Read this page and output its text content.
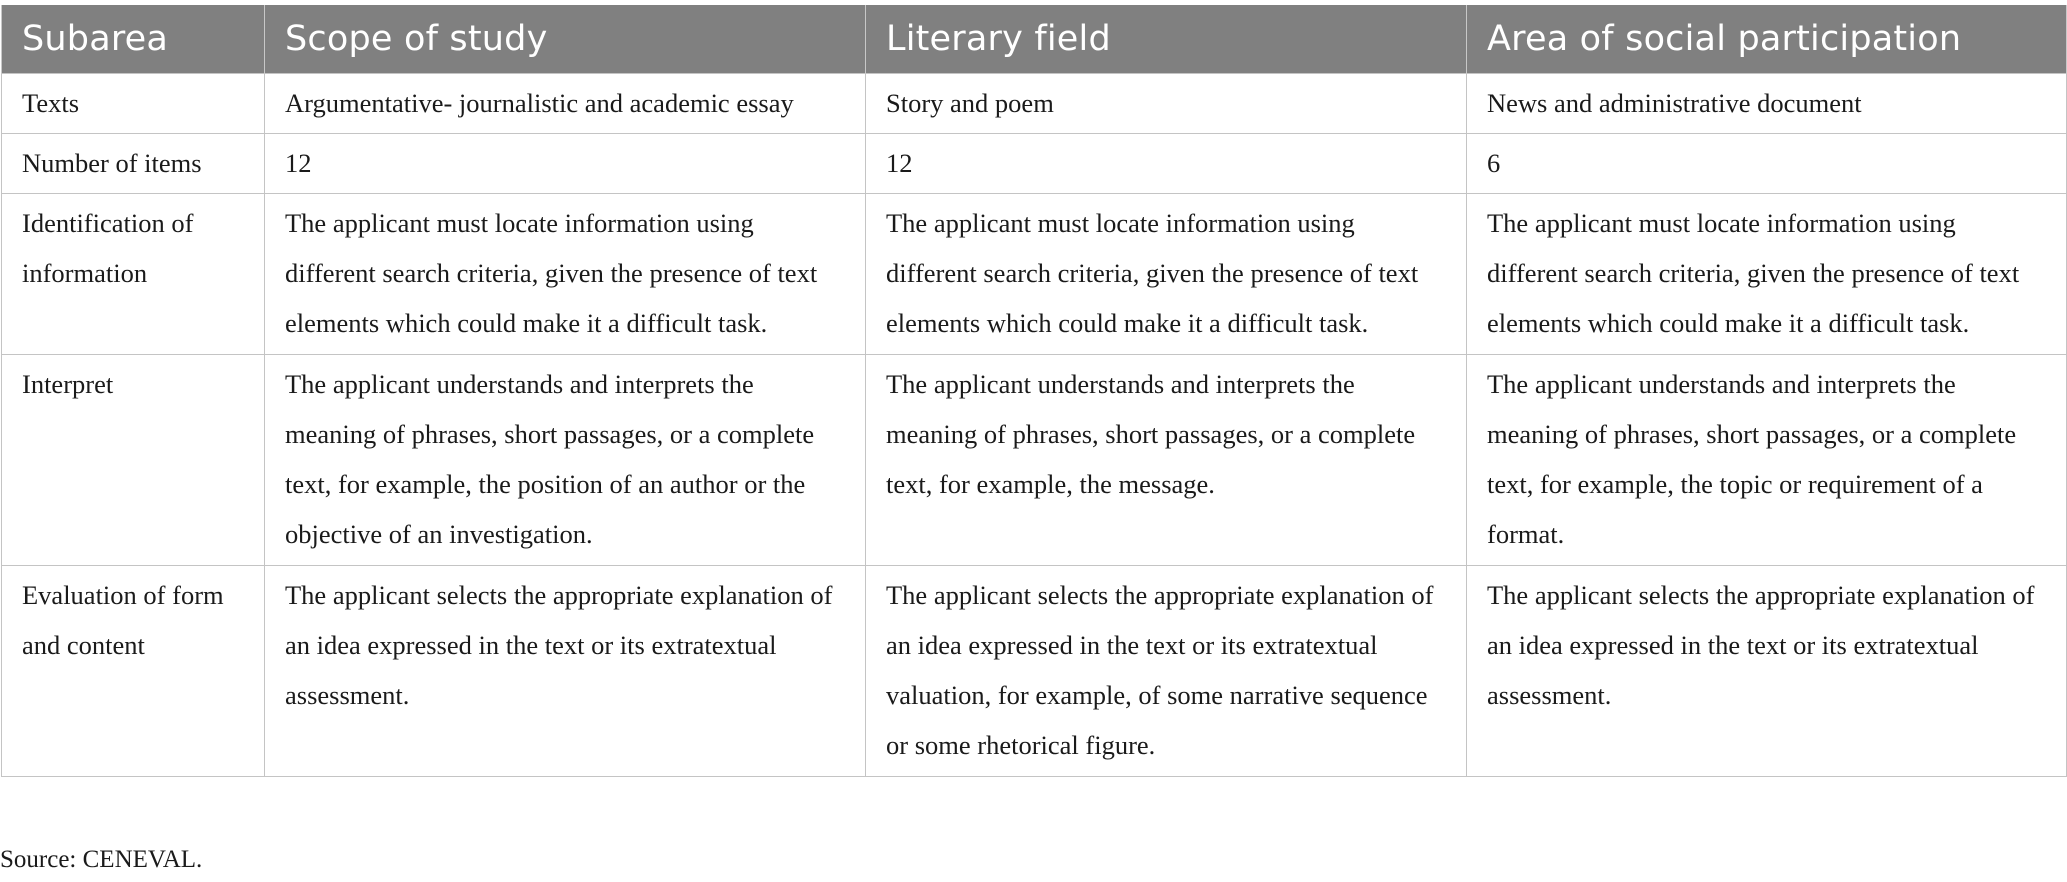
Subarea	Scope of study	Literary field	Area of social participation
Texts	Argumentative- journalistic and academic essay	Story and poem	News and administrative document
Number of items	12	12	6
Identification of information	The applicant must locate information using different search criteria, given the presence of text elements which could make it a difficult task.	The applicant must locate information using different search criteria, given the presence of text elements which could make it a difficult task.	The applicant must locate information using different search criteria, given the presence of text elements which could make it a difficult task.
Interpret	The applicant understands and interprets the meaning of phrases, short passages, or a complete text, for example, the position of an author or the objective of an investigation.	The applicant understands and interprets the meaning of phrases, short passages, or a complete text, for example, the message.	The applicant understands and interprets the meaning of phrases, short passages, or a complete text, for example, the topic or requirement of a format.
Evaluation of form and content	The applicant selects the appropriate explanation of an idea expressed in the text or its extratextual assessment.	The applicant selects the appropriate explanation of an idea expressed in the text or its extratextual valuation, for example, of some narrative sequence or some rhetorical figure.	The applicant selects the appropriate explanation of an idea expressed in the text or its extratextual assessment.
Source: CENEVAL.
